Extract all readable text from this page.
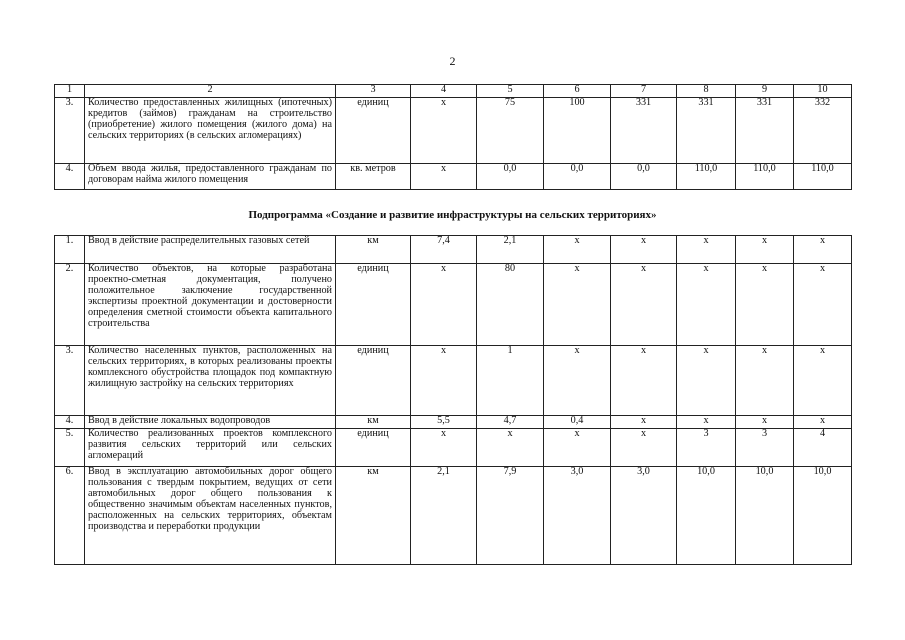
2
1	2	3	4	5	6	7	8	9	10
3.	Количество предоставленных жилищных (ипотечных) кредитов (займов) гражданам на строительство (приобретение) жилого помещения (жилого дома) на сельских территориях (в сельских агломерациях)	единиц	x	75	100	331	331	331	332
4.	Объем ввода жилья, предоставленного гражданам по договорам найма жилого помещения	кв. метров	x	0,0	0,0	0,0	110,0	110,0	110,0
Подпрограмма «Создание и развитие инфраструктуры на сельских территориях»
1.	Ввод в действие распределительных газовых сетей	км	7,4	2,1	x	x	x	x	x
2.	Количество объектов, на которые разработана проектно-сметная документация, получено положительное заключение государственной экспертизы проектной документации и достоверности определения сметной стоимости объекта капитального строительства	единиц	x	80	x	x	x	x	x
3.	Количество населенных пунктов, расположенных на сельских территориях, в которых реализованы проекты комплексного обустройства площадок под компактную жилищную застройку на сельских территориях	единиц	x	1	x	x	x	x	x
4.	Ввод в действие локальных водопроводов	км	5,5	4,7	0,4	x	x	x	x
5.	Количество реализованных проектов комплексного развития сельских территорий или сельских агломераций	единиц	x	x	x	x	3	3	4
6.	Ввод в эксплуатацию автомобильных дорог общего пользования с твердым покрытием, ведущих от сети автомобильных дорог общего пользования к общественно значимым объектам населенных пунктов, расположенных на сельских территориях, объектам производства и переработки продукции	км	2,1	7,9	3,0	3,0	10,0	10,0	10,0
